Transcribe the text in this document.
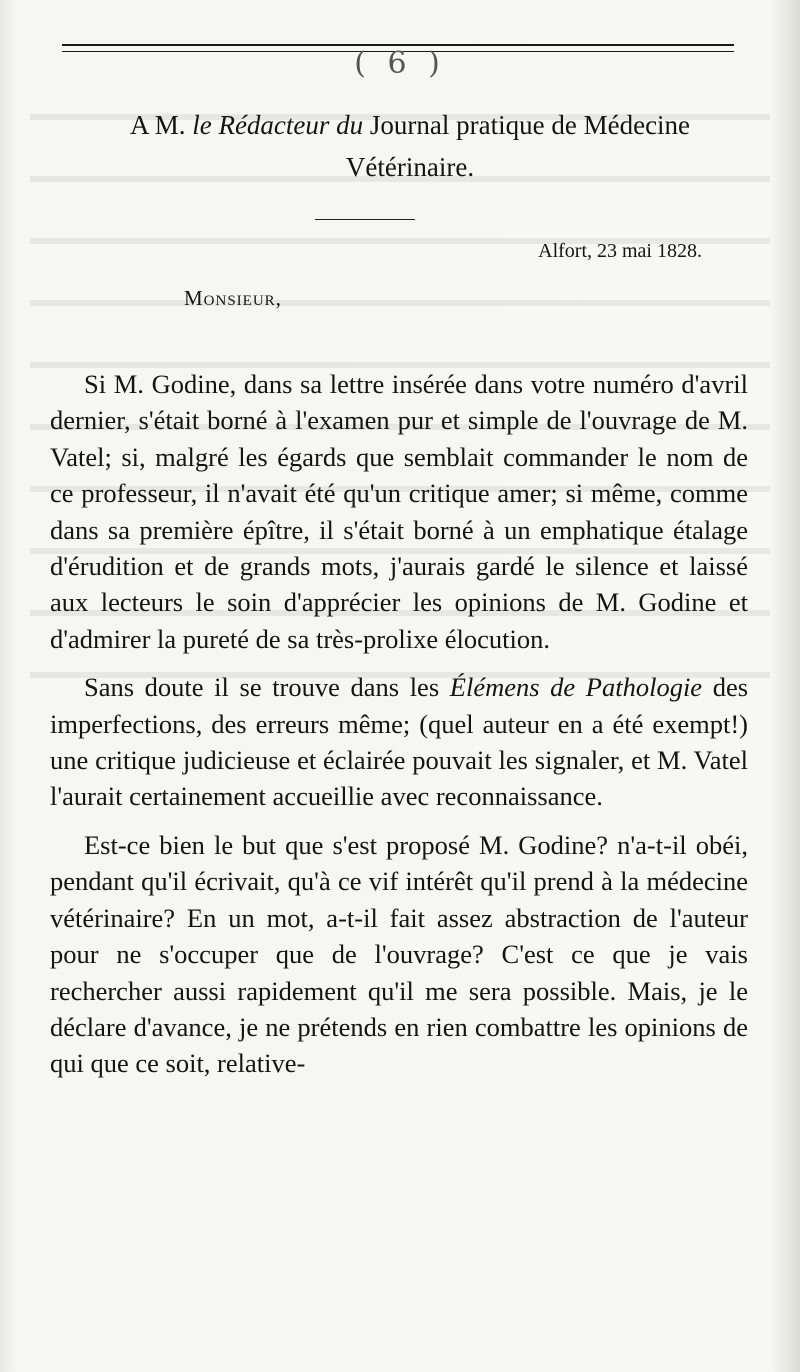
( 6 )
A M. le Rédacteur du Journal pratique de Médecine
Vétérinaire.
Alfort, 23 mai 1828.
Monsieur,

Si M. Godine, dans sa lettre insérée dans votre numéro d'avril dernier, s'était borné à l'examen pur et simple de l'ouvrage de M. Vatel; si, malgré les égards que semblait commander le nom de ce professeur, il n'avait été qu'un critique amer; si même, comme dans sa première épître, il s'était borné à un emphatique étalage d'érudition et de grands mots, j'aurais gardé le silence et laissé aux lecteurs le soin d'apprécier les opinions de M. Godine et d'admirer la pureté de sa très-prolixe élocution.

Sans doute il se trouve dans les Élémens de Pathologie des imperfections, des erreurs même; (quel auteur en a été exempt!) une critique judicieuse et éclairée pouvait les signaler, et M. Vatel l'aurait certainement accueillie avec reconnaissance.

Est-ce bien le but que s'est proposé M. Godine? n'a-t-il obéi, pendant qu'il écrivait, qu'à ce vif intérêt qu'il prend à la médecine vétérinaire? En un mot, a-t-il fait assez abstraction de l'auteur pour ne s'occuper que de l'ouvrage? C'est ce que je vais rechercher aussi rapidement qu'il me sera possible. Mais, je le déclare d'avance, je ne prétends en rien combattre les opinions de qui que ce soit, relative-
